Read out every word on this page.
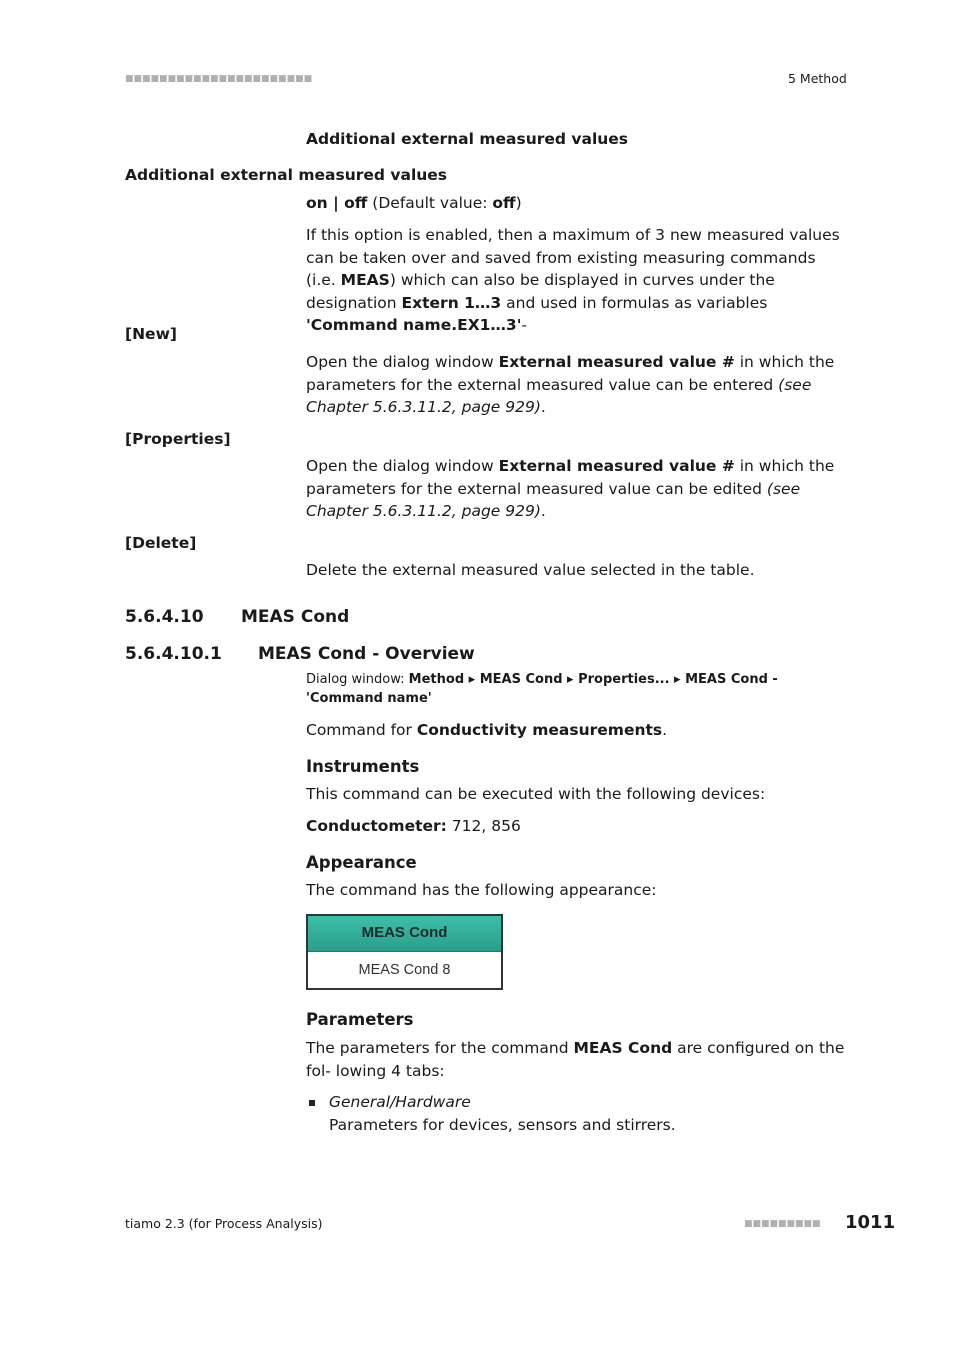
■■■■■■■■■■■■■■■■■■■■■■	5 Method
Additional external measured values
Additional external measured values
on | off (Default value: off)
If this option is enabled, then a maximum of 3 new measured values can be taken over and saved from existing measuring commands (i.e. MEAS) which can also be displayed in curves under the designation Extern 1…3 and used in formulas as variables 'Command name.EX1…3'-
[New]
Open the dialog window External measured value # in which the parameters for the external measured value can be entered (see Chapter 5.6.3.11.2, page 929).
[Properties]
Open the dialog window External measured value # in which the parameters for the external measured value can be edited (see Chapter 5.6.3.11.2, page 929).
[Delete]
Delete the external measured value selected in the table.
5.6.4.10 MEAS Cond
5.6.4.10.1 MEAS Cond - Overview
Dialog window: Method ▸ MEAS Cond ▸ Properties... ▸ MEAS Cond - 'Command name'
Command for Conductivity measurements.
Instruments
This command can be executed with the following devices:
Conductometer: 712, 856
Appearance
The command has the following appearance:
MEAS Cond
MEAS Cond 8
Parameters
The parameters for the command MEAS Cond are configured on the fol- lowing 4 tabs:
General/Hardware
Parameters for devices, sensors and stirrers.
tiamo 2.3 (for Process Analysis)	■■■■■■■■■ 1011
